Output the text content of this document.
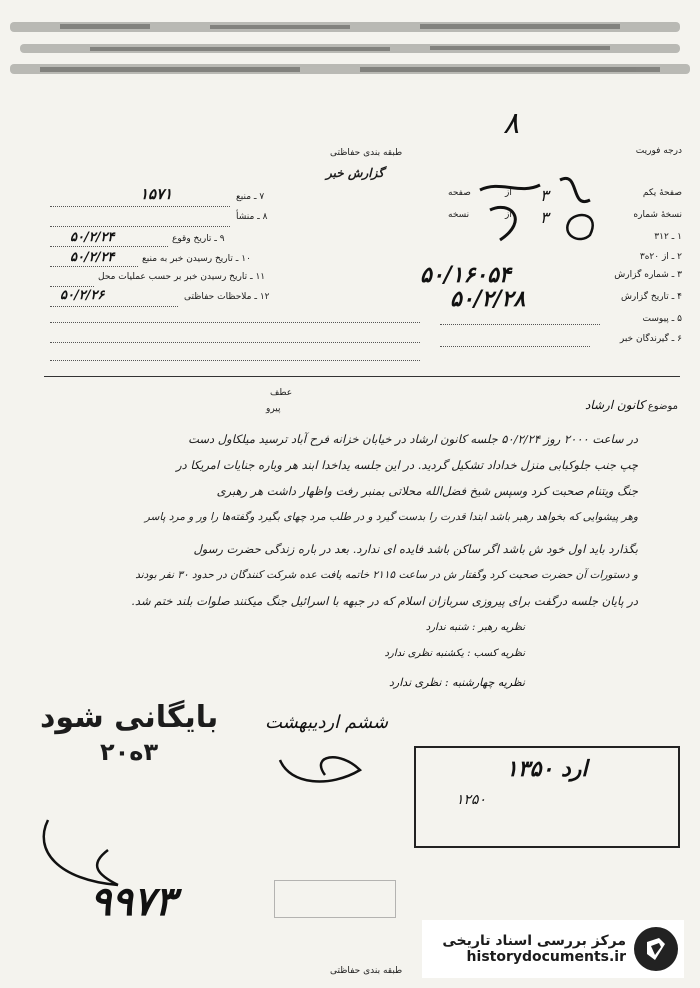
درجه فوریت
طبقه بندی حفاظتی
گزارش خبر
۸
صفحهٔ یکم
نسخهٔ شماره
۱ ـ ۳۱۲
۲ ـ از ۲۰ه۳
۳ ـ شماره گزارش
۴ ـ تاریخ گزارش
۵ ـ پیوست
۶ ـ گیرندگان خبر
از
صفحه
از
نسخه
۳
۳
۵۰/۱۶۰۵۴
۵۰/۲/۲۸
۷ ـ منبع
۸ ـ منشأ
۹ ـ تاریخ وقوع
۱۰ ـ تاریخ رسیدن خبر به منبع
۱۱ ـ تاریخ رسیدن خبر بر حسب عملیات محل
۱۲ ـ ملاحظات حفاظتی
۱۵۷۱
۵۰/۲/۲۴
۵۰/۲/۲۴
۵۰/۲/۲۶
عطف
پیرو	موضوع کانون ارشاد
در ساعت ۲۰۰۰ روز ۵۰/۲/۲۴ جلسه کانون ارشاد در خیابان خزانه فرح آباد ترسید میلکاول دست
چپ جنب جلوکبابی منزل خداداد تشکیل گردید. در این جلسه یداخدا ابند هر وباره جنایات امریکا در
جنگ ویتنام صحبت کرد وسپس شیخ فضل‌الله محلاتی بمنبر رفت واظهار داشت هر رهبری
وهر پیشوایی که بخواهد رهبر باشد ابتدا قدرت را بدست گیرد و در طلب مرد چهای بگیرد وگفته‌ها را ور و مرد پاسر
بگذارد باید اول خود ش باشد اگر ساکن باشد فایده ای ندارد. بعد در باره زندگی حضرت رسول
و دستورات آن حضرت صحبت کرد وگفتار ش در ساعت ۲۱۱۵ خاتمه یافت عده شرکت کنندگان در حدود ۳۰ نفر بودند
در پایان جلسه درگفت برای پیروزی سربازان اسلام که در جبهه با اسرائیل جنگ میکنند صلوات بلند ختم شد.
نظریه رهبر : شنبه ندارد
نظریه کسب : یکشنبه نظری ندارد
نظریه چهارشنبه : نظری ندارد
بایگانی شود
۳ه۲۰
ششم اردیبهشت
۱۳۵۰ ارد
۱۲۵۰
۹۹۷۳
طبقه بندی حفاظتی
مرکز بررسی اسناد تاریخی
historydocuments.ir
